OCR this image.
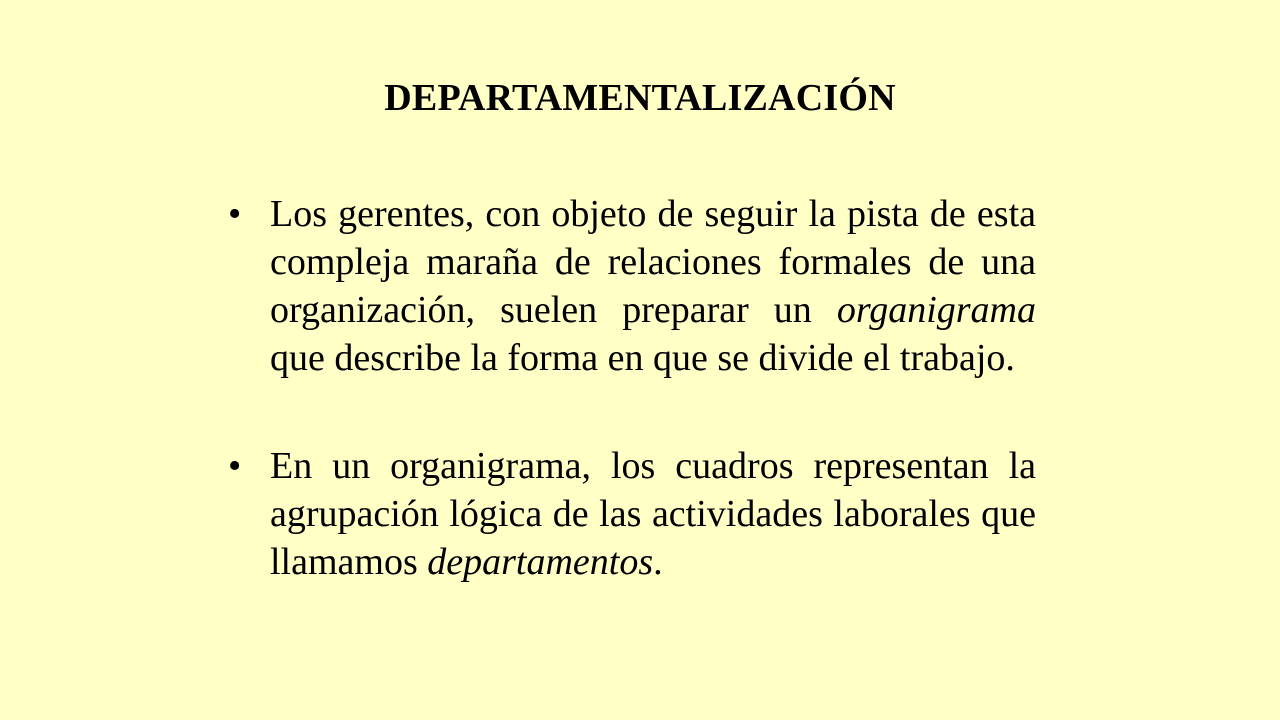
DEPARTAMENTALIZACIÓN
• Los gerentes, con objeto de seguir la pista de esta compleja maraña de relaciones formales de una organización, suelen preparar un organigrama que describe la forma en que se divide el trabajo.
• En un organigrama, los cuadros representan la agrupación lógica de las actividades laborales que llamamos departamentos.
